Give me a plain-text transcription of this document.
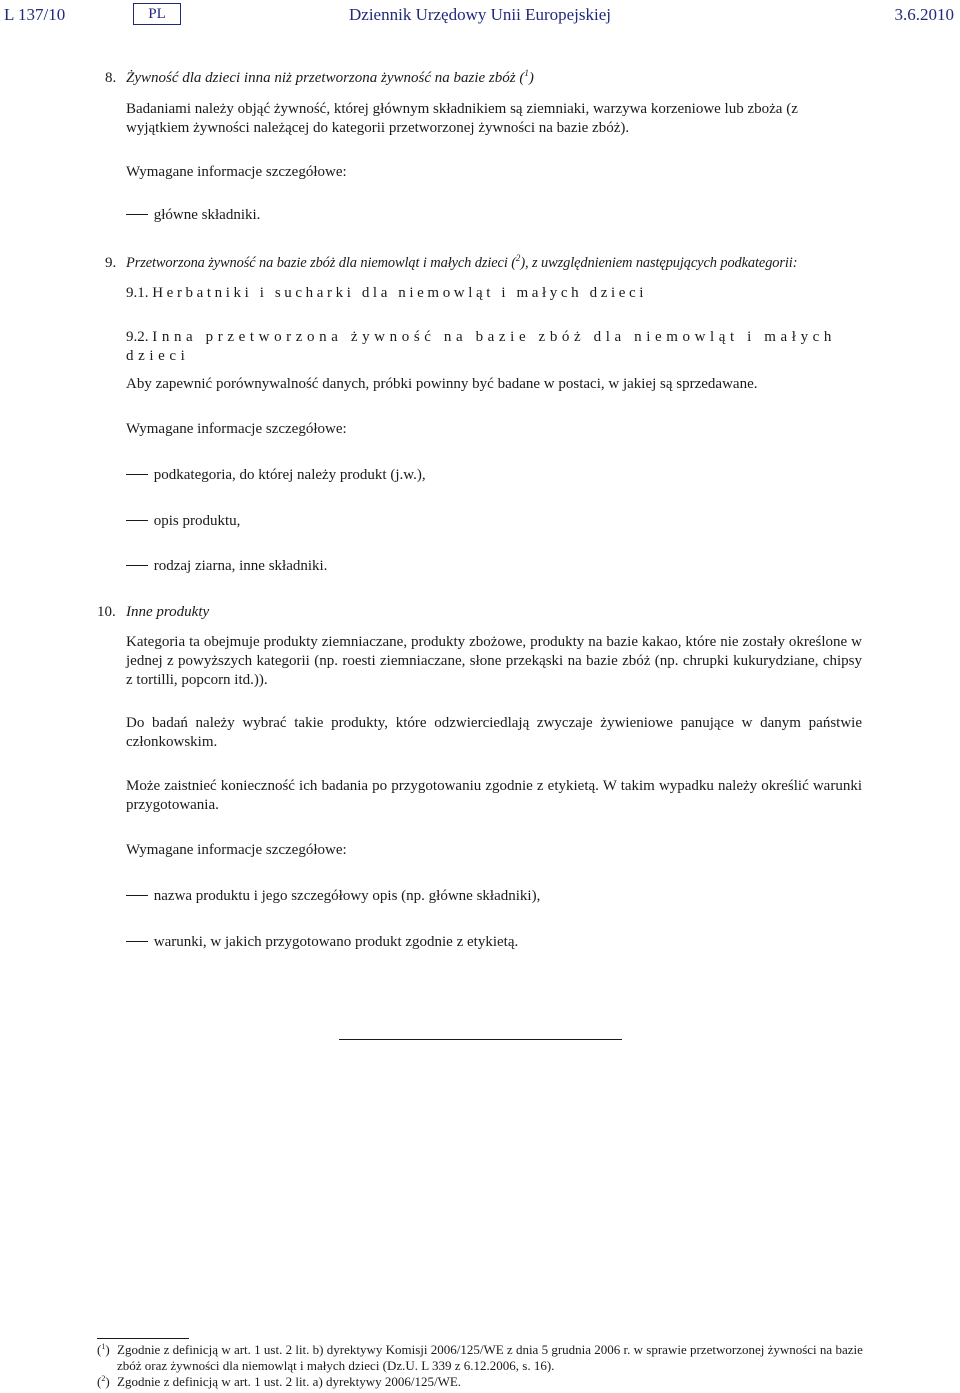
L 137/10	PL	Dziennik Urzędowy Unii Europejskiej	3.6.2010
8. Żywność dla dzieci inna niż przetworzona żywność na bazie zbóż ($^1$)
Badaniami należy objąć żywność, której głównym składnikiem są ziemniaki, warzywa korzeniowe lub zboża (z wyjątkiem żywności należącej do kategorii przetworzonej żywności na bazie zbóż).
Wymagane informacje szczegółowe:
główne składniki.
9. Przetworzona żywność na bazie zbóż dla niemowląt i małych dzieci ($^2$), z uwzględnieniem następujących podkategorii:
9.1. Herbatniki i sucharki dla niemowląt i małych dzieci
9.2. Inna przetworzona żywność na bazie zbóż dla niemowląt i małych dzieci
Aby zapewnić porównywalność danych, próbki powinny być badane w postaci, w jakiej są sprzedawane.
Wymagane informacje szczegółowe:
podkategoria, do której należy produkt (j.w.),
opis produktu,
rodzaj ziarna, inne składniki.
10. Inne produkty
Kategoria ta obejmuje produkty ziemniaczane, produkty zbożowe, produkty na bazie kakao, które nie zostały określone w jednej z powyższych kategorii (np. roesti ziemniaczane, słone przekąski na bazie zbóż (np. chrupki kukurydziane, chipsy z tortilli, popcorn itd.)).
Do badań należy wybrać takie produkty, które odzwierciedlają zwyczaje żywieniowe panujące w danym państwie członkowskim.
Może zaistnieć konieczność ich badania po przygotowaniu zgodnie z etykietą. W takim wypadku należy określić warunki przygotowania.
Wymagane informacje szczegółowe:
nazwa produktu i jego szczegółowy opis (np. główne składniki),
warunki, w jakich przygotowano produkt zgodnie z etykietą.
($^1$) Zgodnie z definicją w art. 1 ust. 2 lit. b) dyrektywy Komisji 2006/125/WE z dnia 5 grudnia 2006 r. w sprawie przetworzonej żywności na bazie zbóż oraz żywności dla niemowląt i małych dzieci (Dz.U. L 339 z 6.12.2006, s. 16).
($^2$) Zgodnie z definicją w art. 1 ust. 2 lit. a) dyrektywy 2006/125/WE.
